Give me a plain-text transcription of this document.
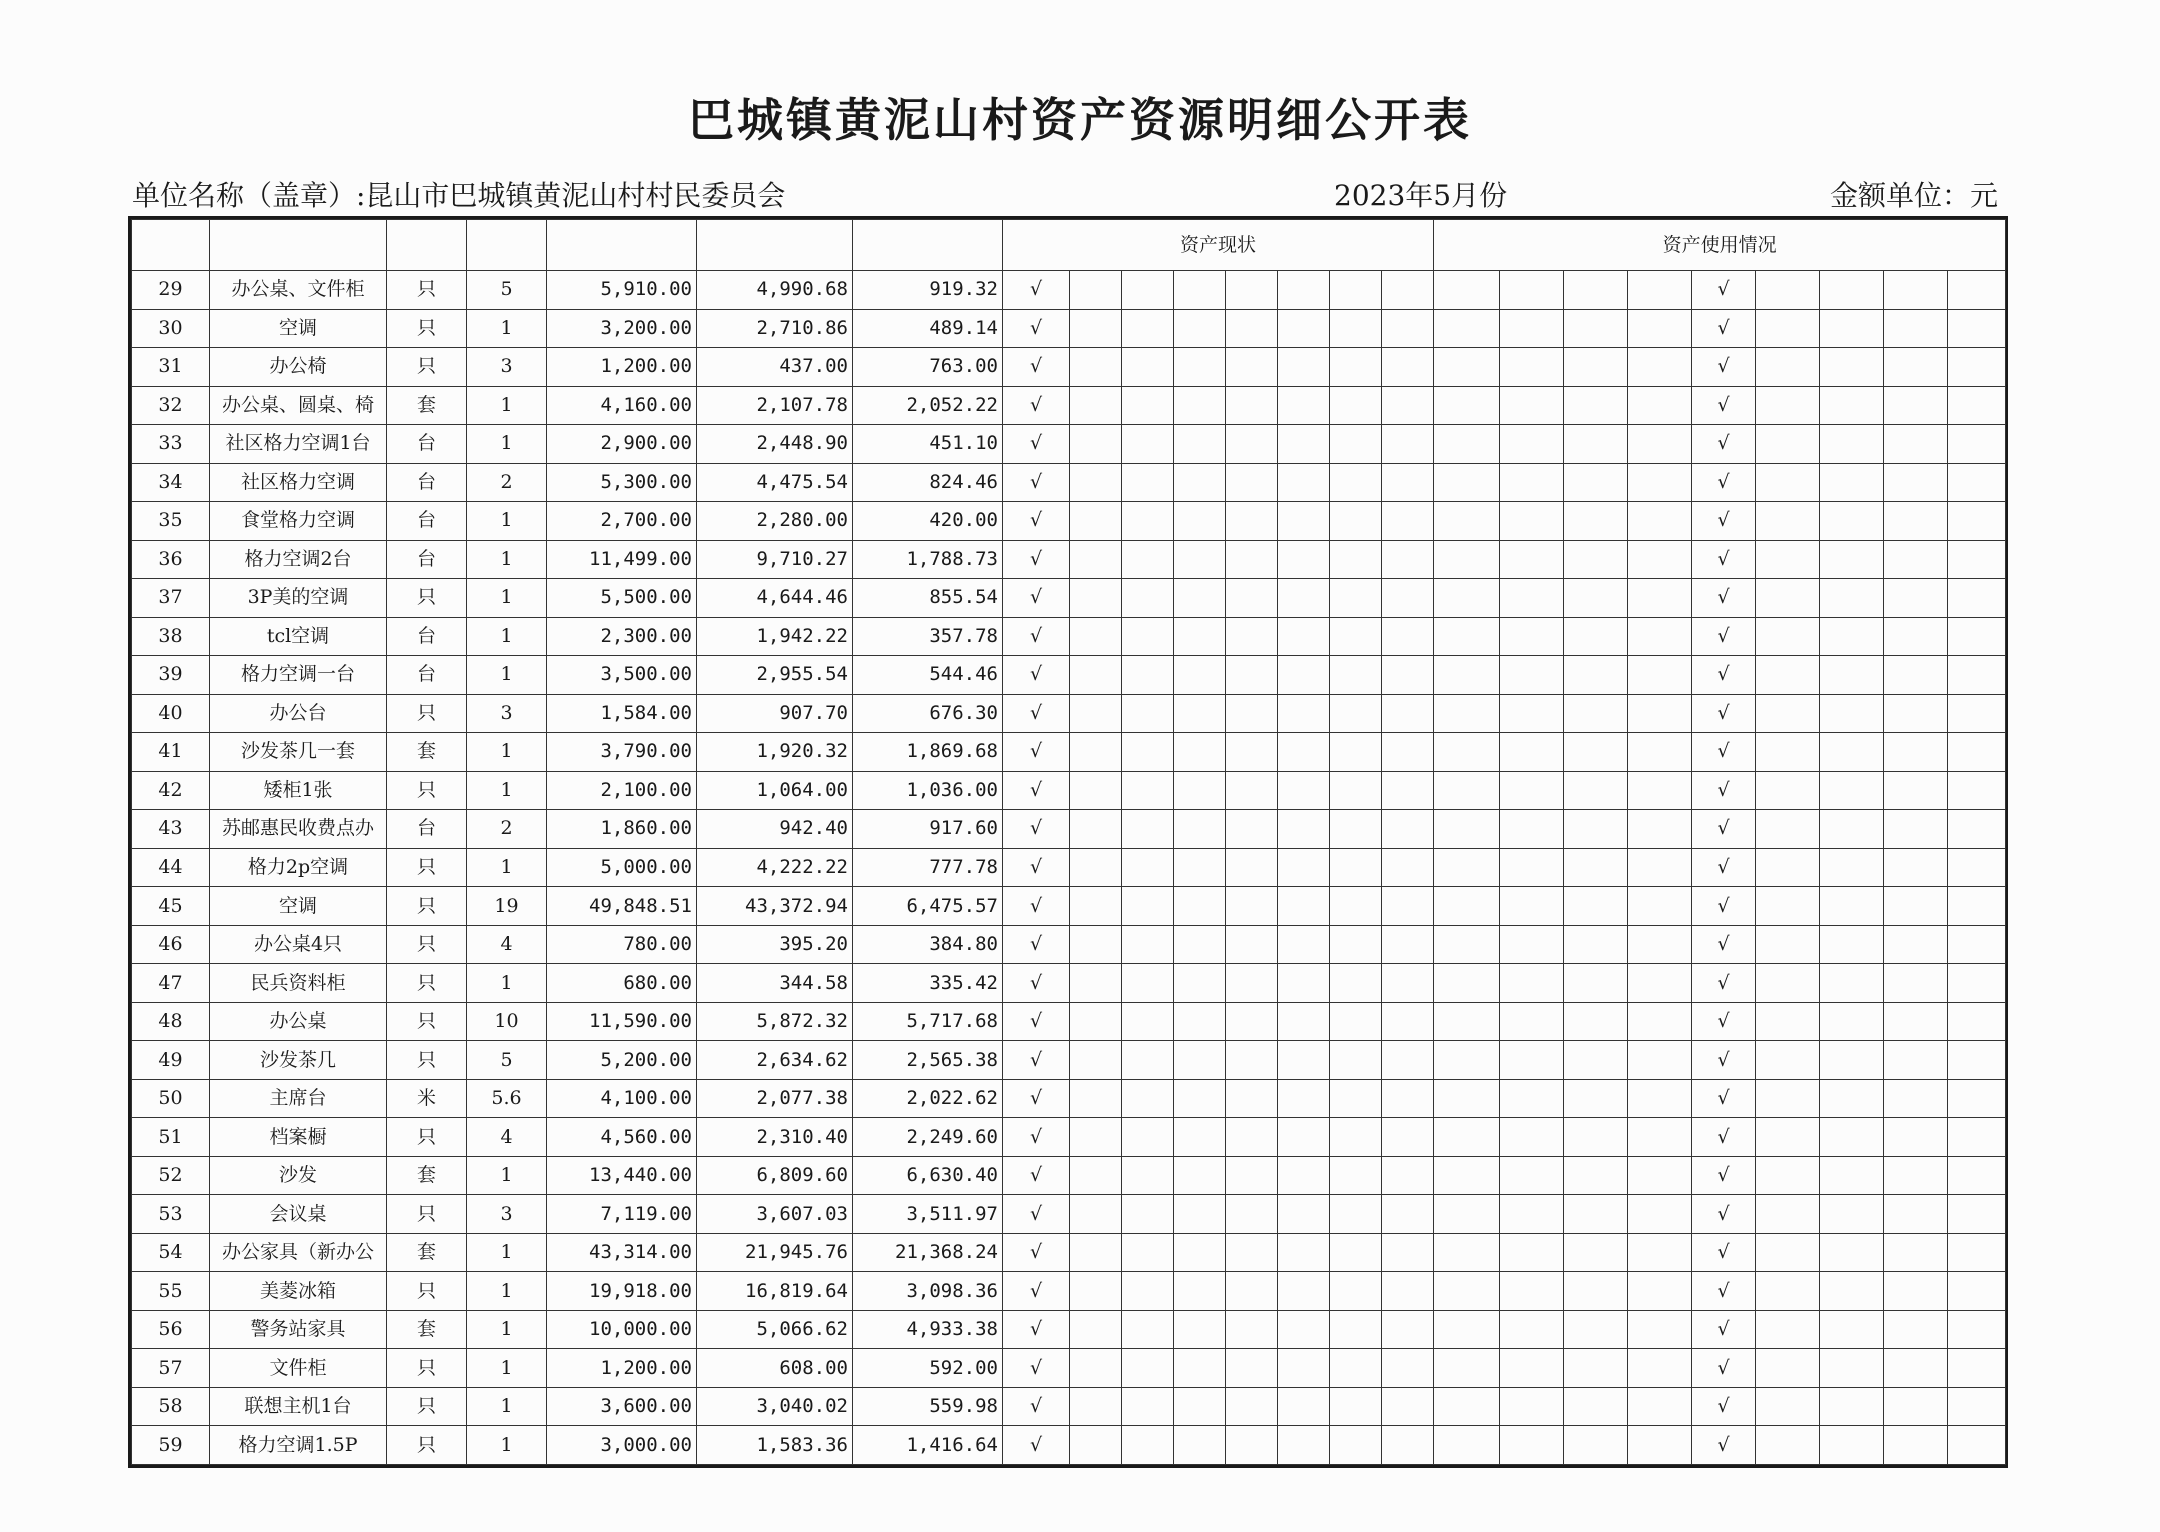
巴城镇黄泥山村资产资源明细公开表
单位名称（盖章）:昆山市巴城镇黄泥山村村民委员会	2023年5月份	金额单位：元
							资产现状								资产使用情况								
29	办公桌、文件柜	只	5	5,910.00	4,990.68	919.32	√												√				
30	空调	只	1	3,200.00	2,710.86	489.14	√												√				
31	办公椅	只	3	1,200.00	437.00	763.00	√												√				
32	办公桌、圆桌、椅	套	1	4,160.00	2,107.78	2,052.22	√												√				
33	社区格力空调1台	台	1	2,900.00	2,448.90	451.10	√												√				
34	社区格力空调	台	2	5,300.00	4,475.54	824.46	√												√				
35	食堂格力空调	台	1	2,700.00	2,280.00	420.00	√												√				
36	格力空调2台	台	1	11,499.00	9,710.27	1,788.73	√												√				
37	3P美的空调	只	1	5,500.00	4,644.46	855.54	√												√				
38	tcl空调	台	1	2,300.00	1,942.22	357.78	√												√				
39	格力空调一台	台	1	3,500.00	2,955.54	544.46	√												√				
40	办公台	只	3	1,584.00	907.70	676.30	√												√				
41	沙发茶几一套	套	1	3,790.00	1,920.32	1,869.68	√												√				
42	矮柜1张	只	1	2,100.00	1,064.00	1,036.00	√												√				
43	苏邮惠民收费点办	台	2	1,860.00	942.40	917.60	√												√				
44	格力2p空调	只	1	5,000.00	4,222.22	777.78	√												√				
45	空调	只	19	49,848.51	43,372.94	6,475.57	√												√				
46	办公桌4只	只	4	780.00	395.20	384.80	√												√				
47	民兵资料柜	只	1	680.00	344.58	335.42	√												√				
48	办公桌	只	10	11,590.00	5,872.32	5,717.68	√												√				
49	沙发茶几	只	5	5,200.00	2,634.62	2,565.38	√												√				
50	主席台	米	5.6	4,100.00	2,077.38	2,022.62	√												√				
51	档案橱	只	4	4,560.00	2,310.40	2,249.60	√												√				
52	沙发	套	1	13,440.00	6,809.60	6,630.40	√												√				
53	会议桌	只	3	7,119.00	3,607.03	3,511.97	√												√				
54	办公家具（新办公	套	1	43,314.00	21,945.76	21,368.24	√												√				
55	美菱冰箱	只	1	19,918.00	16,819.64	3,098.36	√												√				
56	警务站家具	套	1	10,000.00	5,066.62	4,933.38	√												√				
57	文件柜	只	1	1,200.00	608.00	592.00	√												√				
58	联想主机1台	只	1	3,600.00	3,040.02	559.98	√												√				
59	格力空调1.5P	只	1	3,000.00	1,583.36	1,416.64	√												√				
